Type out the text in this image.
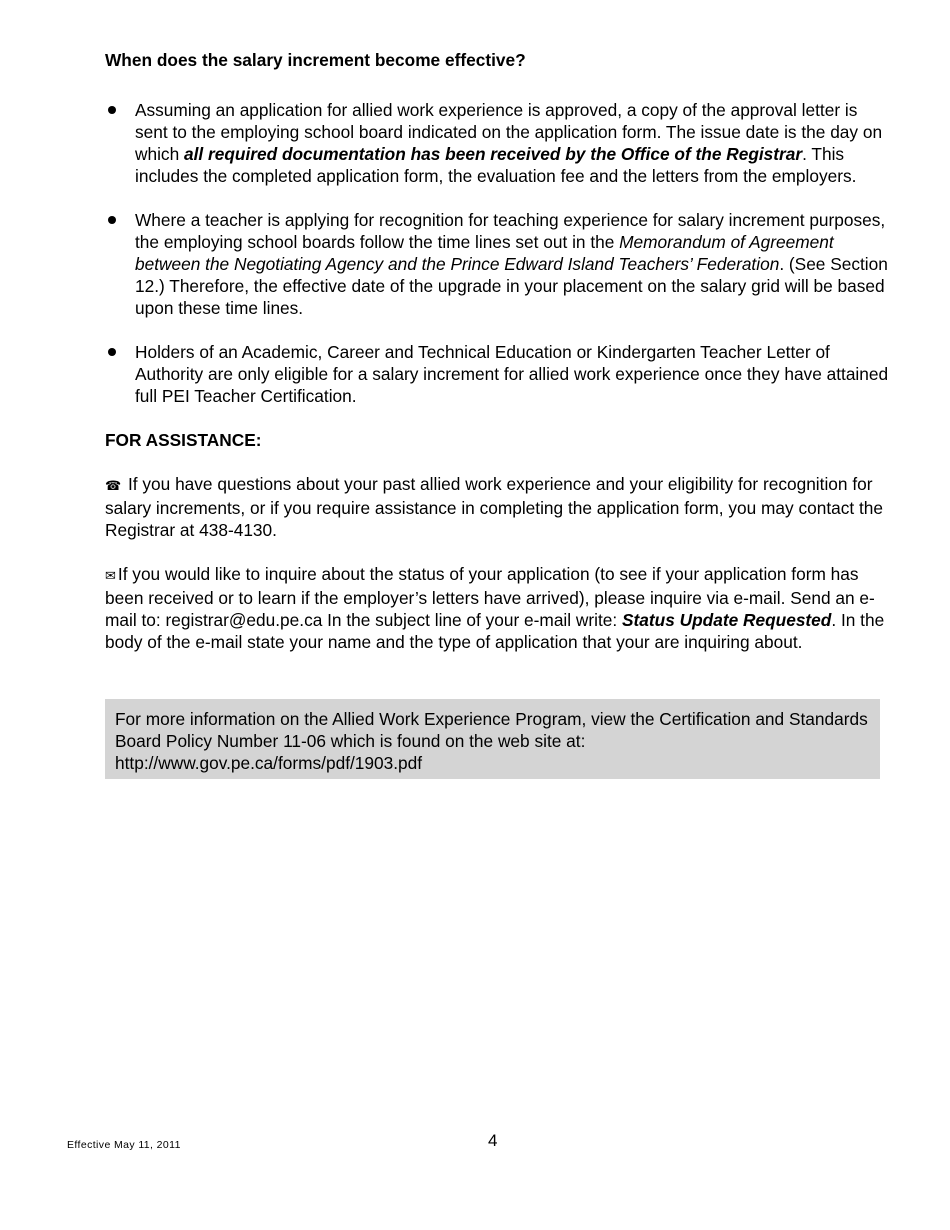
When does the salary increment become effective?

Assuming an application for allied work experience is approved, a copy of the approval letter is sent to the employing school board indicated on the application form. The issue date is the day on which all required documentation has been received by the Office of the Registrar. This includes the completed application form, the evaluation fee and the letters from the employers.
Where a teacher is applying for recognition for teaching experience for salary increment purposes, the employing school boards follow the time lines set out in the Memorandum of Agreement between the Negotiating Agency and the Prince Edward Island Teachers’ Federation. (See Section 12.) Therefore, the effective date of the upgrade in your placement on the salary grid will be based upon these time lines.
Holders of an Academic, Career and Technical Education or Kindergarten Teacher Letter of Authority are only eligible for a salary increment for allied work experience once they have attained full PEI Teacher Certification.

FOR ASSISTANCE:

☎ If you have questions about your past allied work experience and your eligibility for recognition for salary increments, or if you require assistance in completing the application form, you may contact the Registrar at 438-4130.

✉ If you would like to inquire about the status of your application (to see if your application form has been received or to learn if the employer’s letters have arrived), please inquire via e-mail. Send an e-mail to: registrar@edu.pe.ca In the subject line of your e-mail write: Status Update Requested. In the body of the e-mail state your name and the type of application that your are inquiring about.

For more information on the Allied Work Experience Program, view the Certification and Standards Board Policy Number 11-06 which is found on the web site at: http://www.gov.pe.ca/forms/pdf/1903.pdf

Effective May 11, 2011	4
